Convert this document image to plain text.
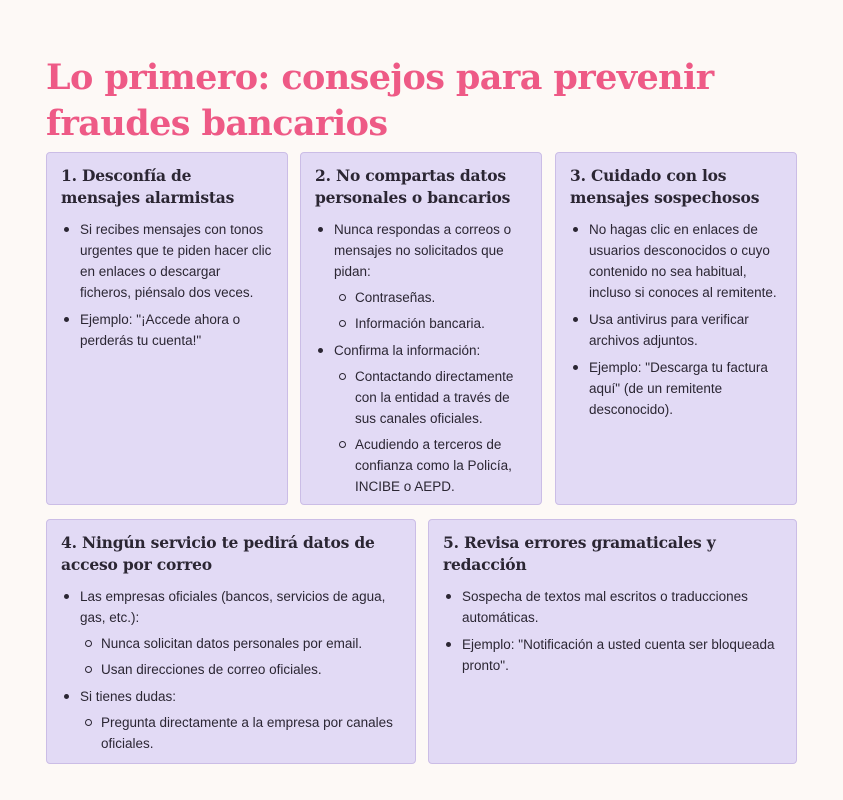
Lo primero: consejos para prevenir fraudes bancarios
1. Desconfía de mensajes alarmistas
Si recibes mensajes con tonos urgentes que te piden hacer clic en enlaces o descargar ficheros, piénsalo dos veces.
Ejemplo: "¡Accede ahora o perderás tu cuenta!"
2. No compartas datos personales o bancarios
Nunca respondas a correos o mensajes no solicitados que pidan:
Contraseñas.
Información bancaria.
Confirma la información:
Contactando directamente con la entidad a través de sus canales oficiales.
Acudiendo a terceros de confianza como la Policía, INCIBE o AEPD.
3. Cuidado con los mensajes sospechosos
No hagas clic en enlaces de usuarios desconocidos o cuyo contenido no sea habitual, incluso si conoces al remitente.
Usa antivirus para verificar archivos adjuntos.
Ejemplo: "Descarga tu factura aquí" (de un remitente desconocido).
4. Ningún servicio te pedirá datos de acceso por correo
Las empresas oficiales (bancos, servicios de agua, gas, etc.):
Nunca solicitan datos personales por email.
Usan direcciones de correo oficiales.
Si tienes dudas:
Pregunta directamente a la empresa por canales oficiales.
5. Revisa errores gramaticales y redacción
Sospecha de textos mal escritos o traducciones automáticas.
Ejemplo: "Notificación a usted cuenta ser bloqueada pronto".
